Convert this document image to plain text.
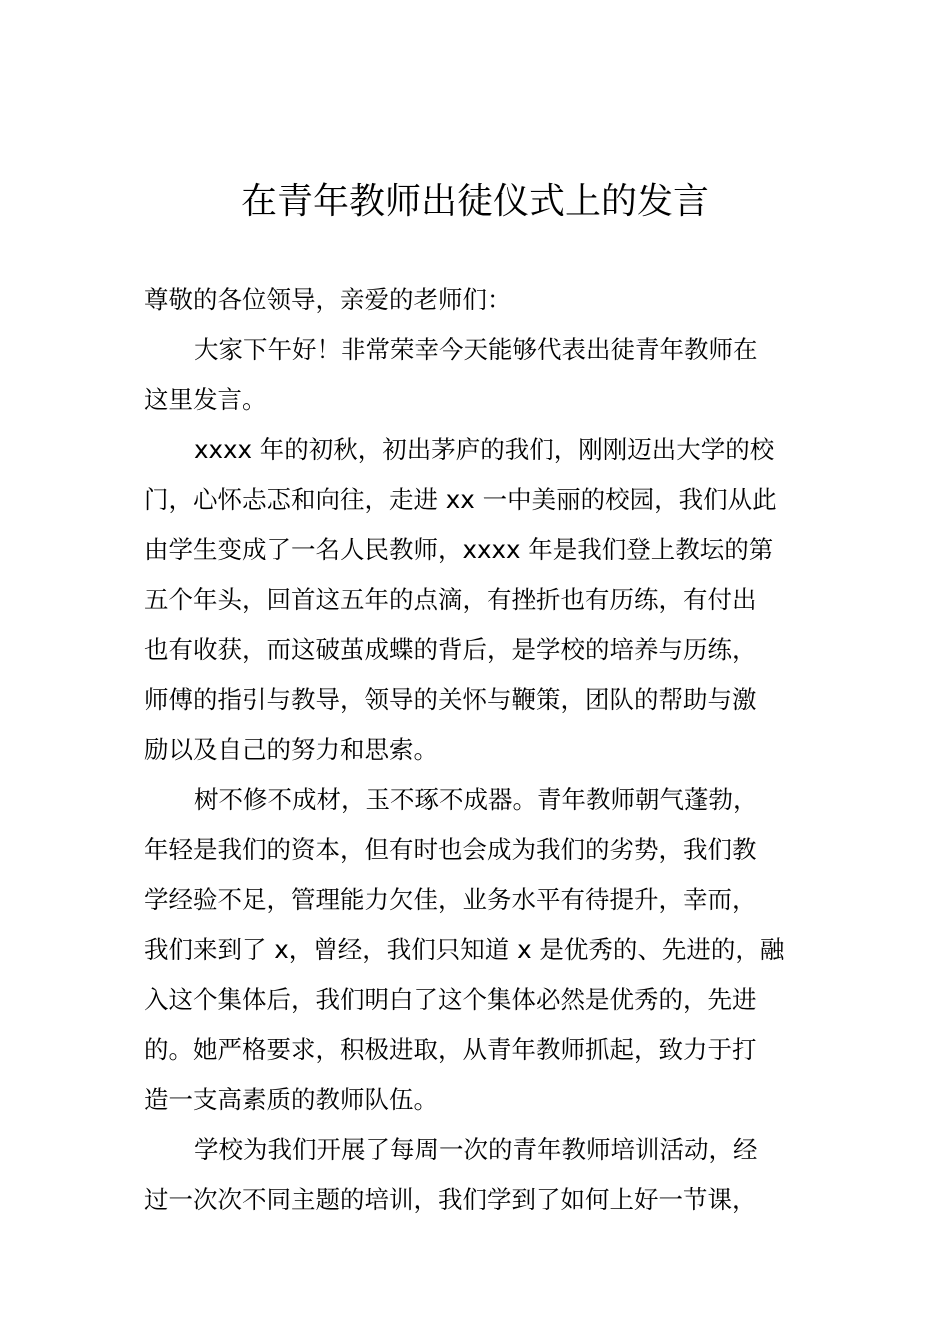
在青年教师出徒仪式上的发言
尊敬的各位领导，亲爱的老师们：
大家下午好！非常荣幸今天能够代表出徒青年教师在
这里发言。
xxxx 年的初秋，初出茅庐的我们，刚刚迈出大学的校
门，心怀忐忑和向往，走进 xx 一中美丽的校园，我们从此
由学生变成了一名人民教师，xxxx 年是我们登上教坛的第
五个年头，回首这五年的点滴，有挫折也有历练，有付出
也有收获，而这破茧成蝶的背后，是学校的培养与历练，
师傅的指引与教导，领导的关怀与鞭策，团队的帮助与激
励以及自己的努力和思索。
树不修不成材，玉不琢不成器。青年教师朝气蓬勃，
年轻是我们的资本，但有时也会成为我们的劣势，我们教
学经验不足，管理能力欠佳，业务水平有待提升，幸而，
我们来到了 x，曾经，我们只知道 x 是优秀的、先进的，融
入这个集体后，我们明白了这个集体必然是优秀的，先进
的。她严格要求，积极进取，从青年教师抓起，致力于打
造一支高素质的教师队伍。
学校为我们开展了每周一次的青年教师培训活动，经
过一次次不同主题的培训，我们学到了如何上好一节课，
